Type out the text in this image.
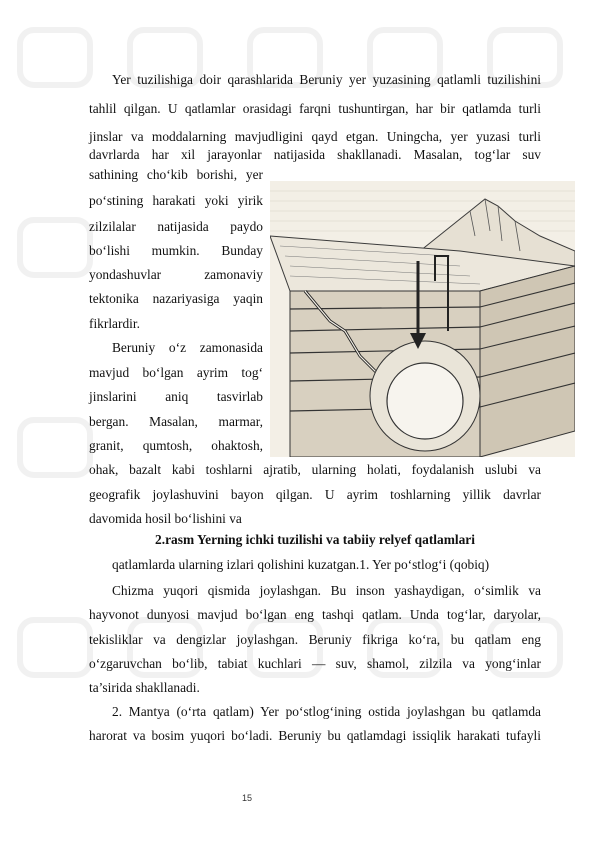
Yer tuzilishiga doir qarashlarida Beruniy yer yuzasining qatlamli tuzilishini
tahlil qilgan. U qatlamlar orasidagi farqni tushuntirgan, har bir qatlamda turli
jinslar va moddalarning mavjudligini qayd etgan. Uningcha, yer yuzasi turli
davrlarda har xil jarayonlar natijasida shakllanadi. Masalan, tog‘lar suv
sathining cho‘kib borishi, yer
po‘stining harakati yoki yirik
zilzilalar natijasida paydo
bo‘lishi mumkin. Bunday
yondashuvlar zamonaviy
tektonika nazariyasiga yaqin
fikrlardir.
Beruniy o‘z zamonasida
mavjud bo‘lgan ayrim tog‘
jinslarini aniq tasvirlab
bergan. Masalan, marmar,
granit, qumtosh, ohaktosh,
ohak, bazalt kabi toshlarni ajratib, ularning holati, foydalanish uslubi va
geografik joylashuvini bayon qilgan. U ayrim toshlarning yillik davrlar
davomida hosil bo‘lishini va
2.rasm Yerning ichki tuzilishi va tabiiy relyef qatlamlari
qatlamlarda ularning izlari qolishini kuzatgan.1. Yer po‘stlog‘i (qobiq)
Chizma yuqori qismida joylashgan. Bu inson yashaydigan, o‘simlik va
hayvonot dunyosi mavjud bo‘lgan eng tashqi qatlam. Unda tog‘lar, daryolar,
tekisliklar va dengizlar joylashgan. Beruniy fikriga ko‘ra, bu qatlam eng
o‘zgaruvchan bo‘lib, tabiat kuchlari — suv, shamol, zilzila va yong‘inlar
ta’sirida shakllanadi.
2. Mantya (o‘rta qatlam) Yer po‘stlog‘ining ostida joylashgan bu qatlamda
harorat va bosim yuqori bo‘ladi. Beruniy bu qatlamdagi issiqlik harakati tufayli
15
